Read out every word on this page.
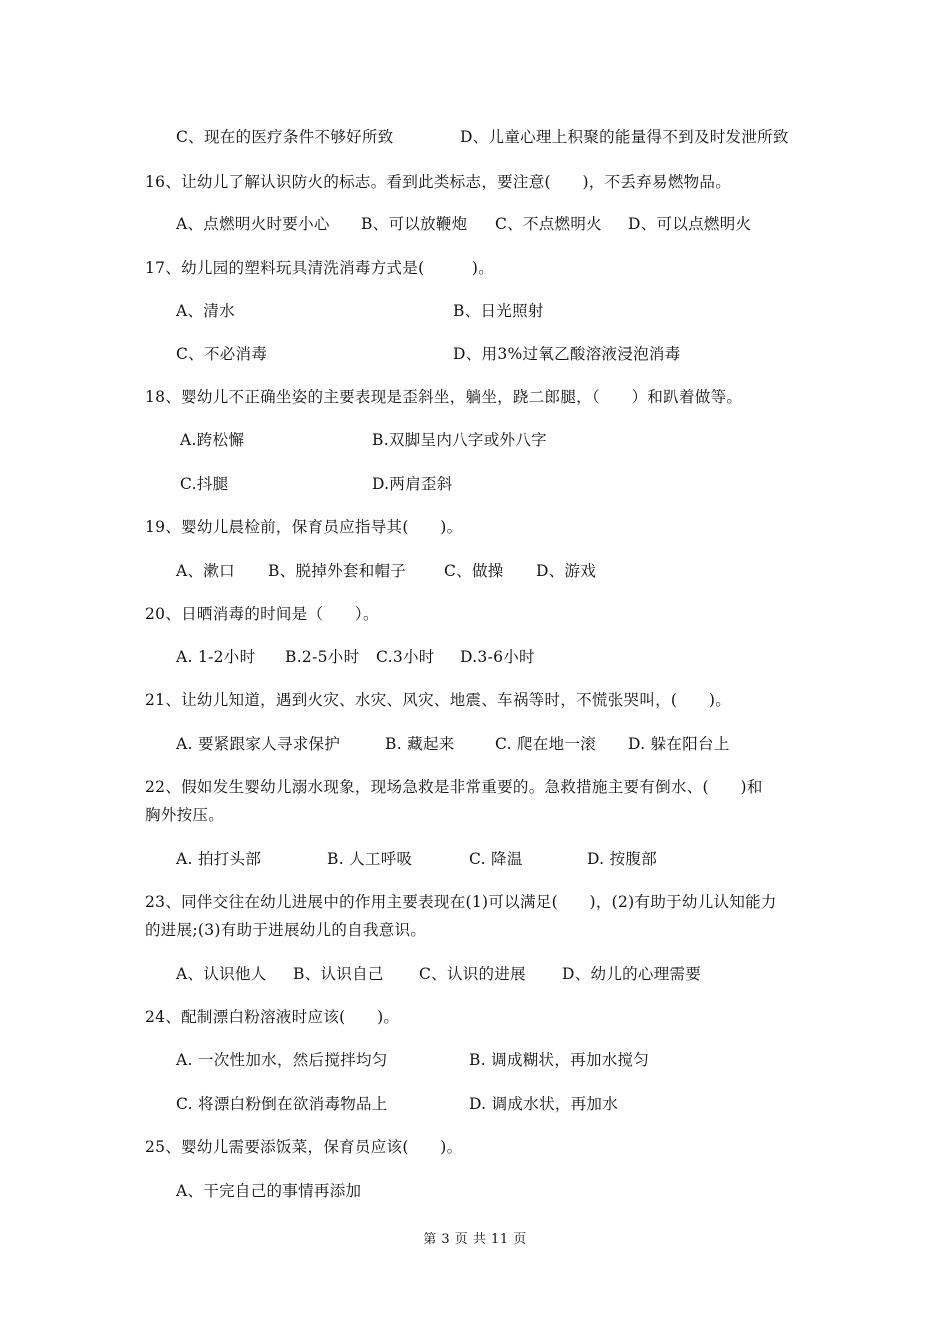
C、现在的医疗条件不够好所致	D、儿童心理上积聚的能量得不到及时发泄所致
16、让幼儿了解认识防火的标志。看到此类标志，要注意(　　)，不丢弃易燃物品。
A、点燃明火时要小心 B、可以放鞭炮 C、不点燃明火 D、可以点燃明火
17、幼儿园的塑料玩具清洗消毒方式是(　　　)。
A、清水	B、日光照射
C、不必消毒	D、用3%过氧乙酸溶液浸泡消毒
18、婴幼儿不正确坐姿的主要表现是歪斜坐，躺坐，跷二郎腿，（　　）和趴着做等。
A.跨松懈	B.双脚呈内八字或外八字
C.抖腿	D.两肩歪斜
19、婴幼儿晨检前，保育员应指导其(　　)。
A、漱口 B、脱掉外套和帽子 C、做操 D、游戏
20、日晒消毒的时间是（　　）。
A. 1-2小时 B.2-5小时 C.3小时 D.3-6小时
21、让幼儿知道，遇到火灾、水灾、风灾、地震、车祸等时，不慌张哭叫，(　　)。
A. 要紧跟家人寻求保护	B. 藏起来	C. 爬在地一滚 D. 躲在阳台上
22、假如发生婴幼儿溺水现象，现场急救是非常重要的。急救措施主要有倒水、(　　)和
胸外按压。
A. 拍打头部	B. 人工呼吸	C. 降温	D. 按腹部
23、同伴交往在幼儿进展中的作用主要表现在(1)可以满足(　　)，(2)有助于幼儿认知能力
的进展;(3)有助于进展幼儿的自我意识。
A、认识他人 B、认识自己 C、认识的进展 D、幼儿的心理需要
24、配制漂白粉溶液时应该(　　)。
A. 一次性加水，然后搅拌均匀	B. 调成糊状，再加水搅匀
C. 将漂白粉倒在欲消毒物品上	D. 调成水状，再加水
25、婴幼儿需要添饭菜，保育员应该(　　)。
A、干完自己的事情再添加
第 3 页 共 11 页
